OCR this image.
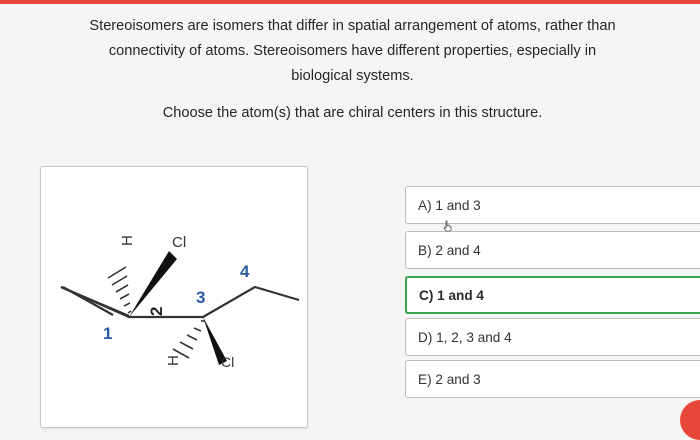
Stereoisomers are isomers that differ in spatial arrangement of atoms, rather than
connectivity of atoms. Stereoisomers have different properties, especially in
biological systems.
Choose the atom(s) that are chiral centers in this structure.
H Cl
H	Cl
1
2
3
4
A) 1 and 3
B) 2 and 4
C) 1 and 4
D) 1, 2, 3 and 4
E) 2 and 3
